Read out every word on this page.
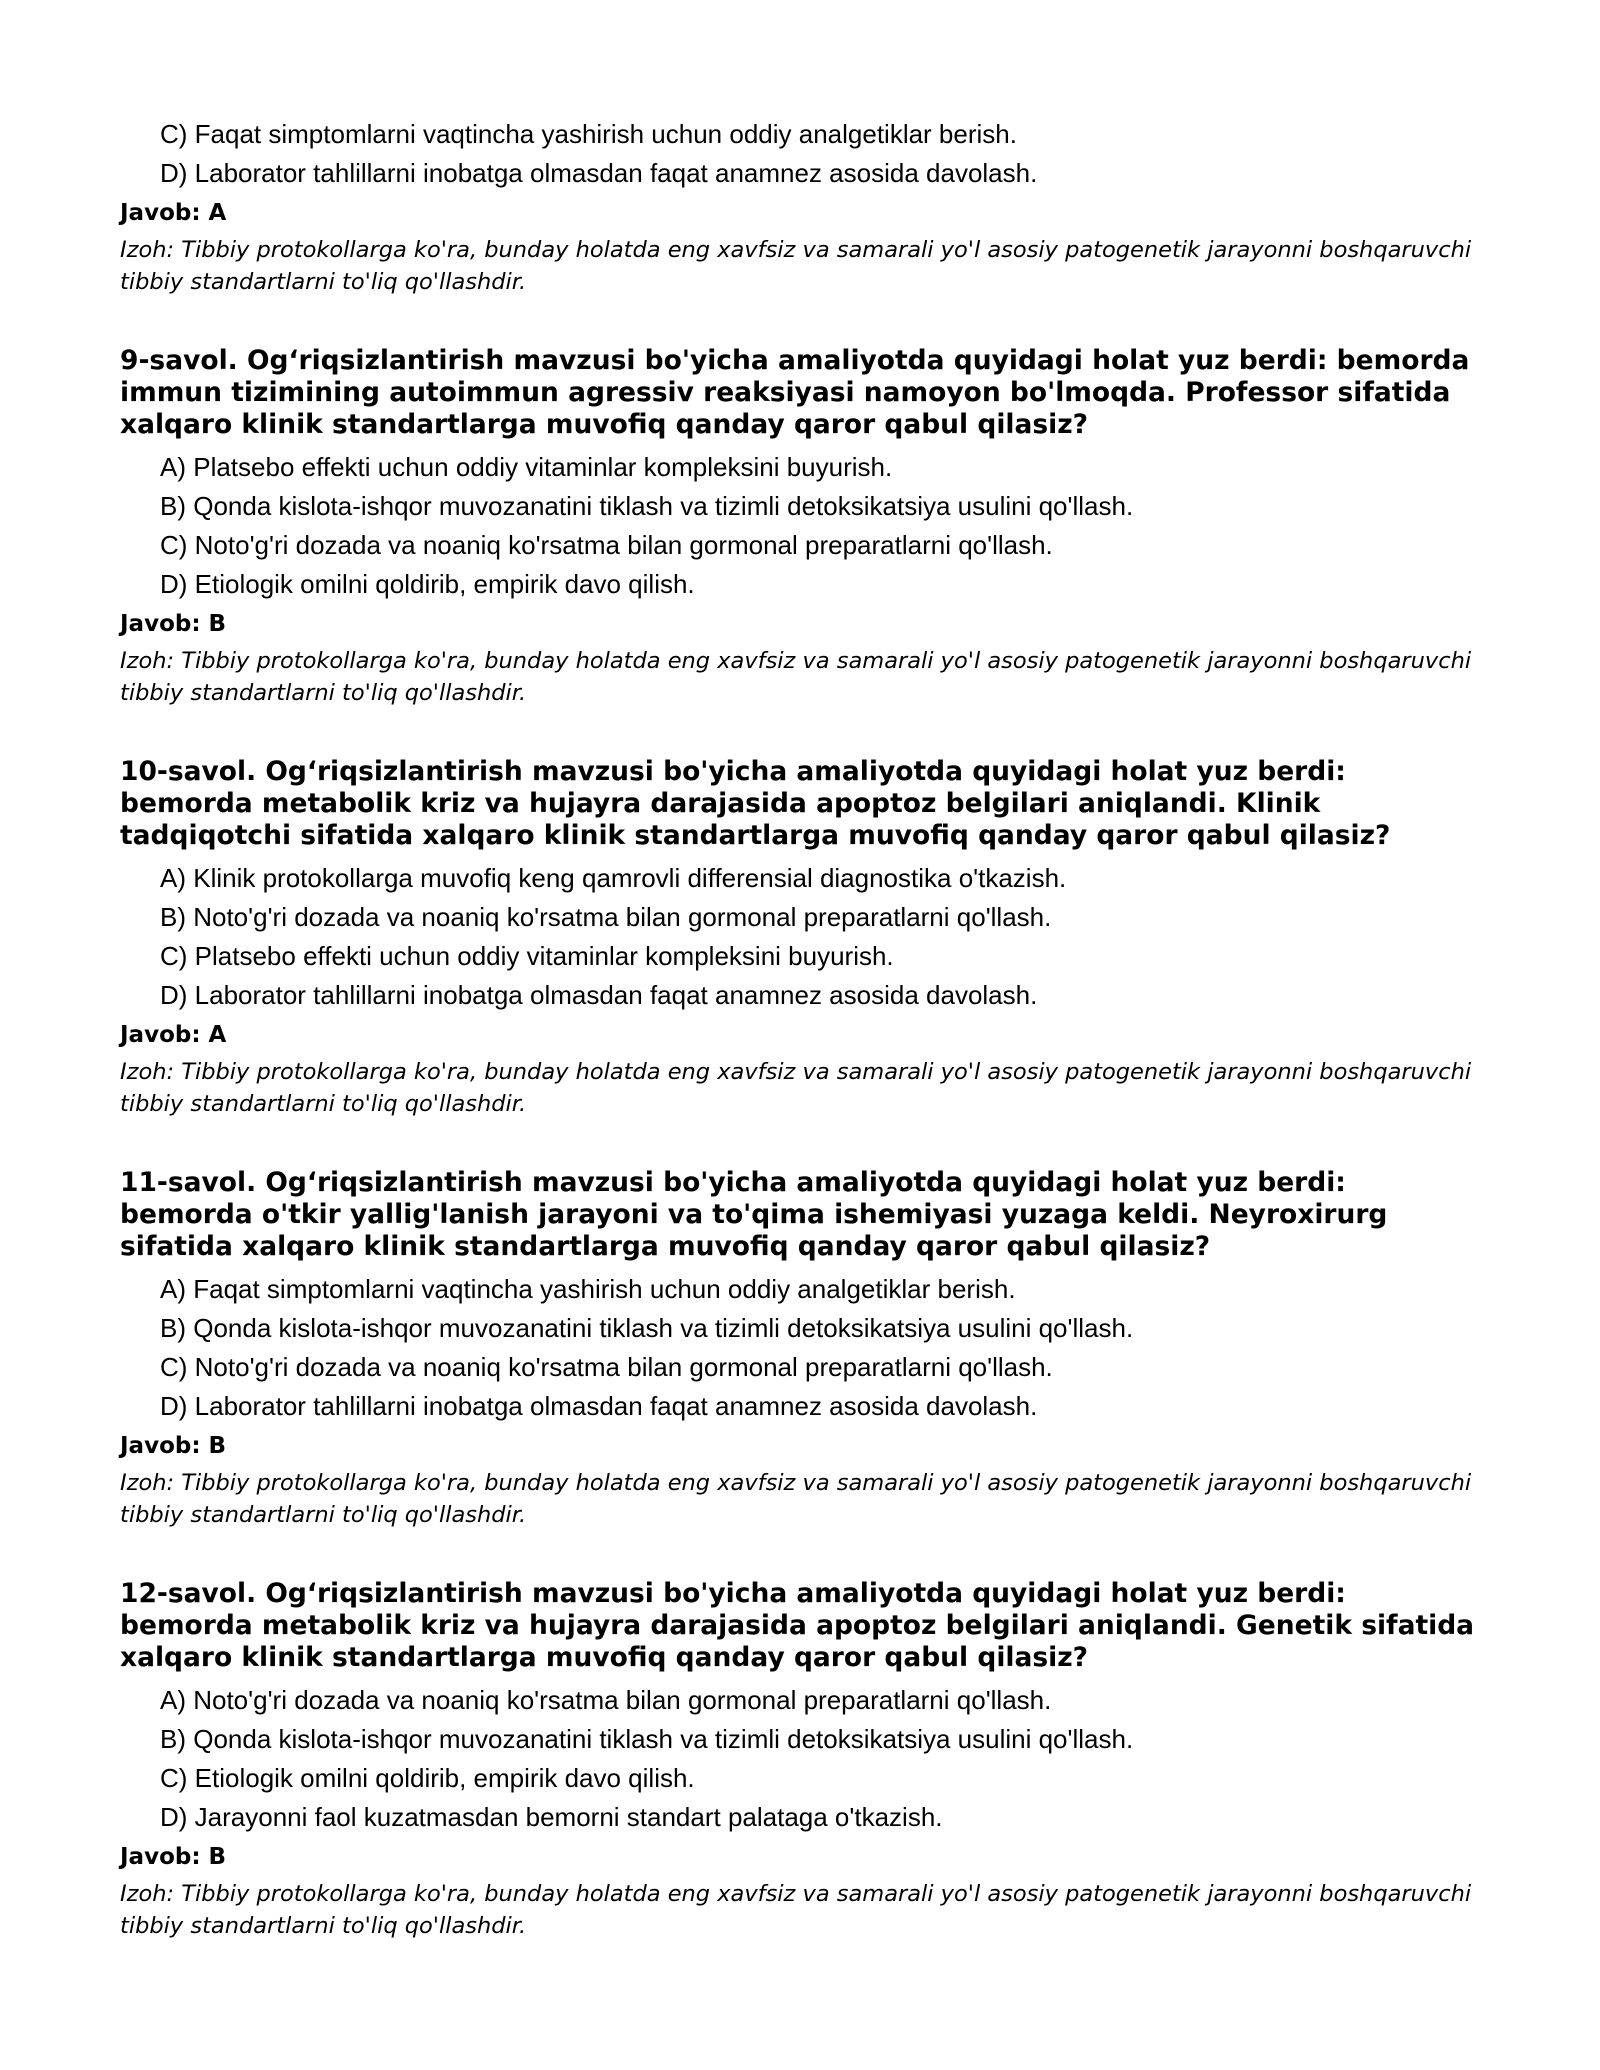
C) Faqat simptomlarni vaqtincha yashirish uchun oddiy analgetiklar berish.
D) Laborator tahlillarni inobatga olmasdan faqat anamnez asosida davolash.
Javob: A
Izoh: Tibbiy protokollarga ko'ra, bunday holatda eng xavfsiz va samarali yo'l asosiy patogenetik jarayonni boshqaruvchi tibbiy standartlarni to'liq qo'llashdir.
9-savol. Og‘riqsizlantirish mavzusi bo'yicha amaliyotda quyidagi holat yuz berdi: bemorda immun tizimining autoimmun agressiv reaksiyasi namoyon bo'lmoqda. Professor sifatida xalqaro klinik standartlarga muvofiq qanday qaror qabul qilasiz?
A) Platsebo effekti uchun oddiy vitaminlar kompleksini buyurish.
B) Qonda kislota-ishqor muvozanatini tiklash va tizimli detoksikatsiya usulini qo'llash.
C) Noto'g'ri dozada va noaniq ko'rsatma bilan gormonal preparatlarni qo'llash.
D) Etiologik omilni qoldirib, empirik davo qilish.
Javob: B
Izoh: Tibbiy protokollarga ko'ra, bunday holatda eng xavfsiz va samarali yo'l asosiy patogenetik jarayonni boshqaruvchi tibbiy standartlarni to'liq qo'llashdir.
10-savol. Og‘riqsizlantirish mavzusi bo'yicha amaliyotda quyidagi holat yuz berdi: bemorda metabolik kriz va hujayra darajasida apoptoz belgilari aniqlandi. Klinik tadqiqotchi sifatida xalqaro klinik standartlarga muvofiq qanday qaror qabul qilasiz?
A) Klinik protokollarga muvofiq keng qamrovli differensial diagnostika o'tkazish.
B) Noto'g'ri dozada va noaniq ko'rsatma bilan gormonal preparatlarni qo'llash.
C) Platsebo effekti uchun oddiy vitaminlar kompleksini buyurish.
D) Laborator tahlillarni inobatga olmasdan faqat anamnez asosida davolash.
Javob: A
Izoh: Tibbiy protokollarga ko'ra, bunday holatda eng xavfsiz va samarali yo'l asosiy patogenetik jarayonni boshqaruvchi tibbiy standartlarni to'liq qo'llashdir.
11-savol. Og‘riqsizlantirish mavzusi bo'yicha amaliyotda quyidagi holat yuz berdi: bemorda o'tkir yallig'lanish jarayoni va to'qima ishemiyasi yuzaga keldi. Neyroxirurg sifatida xalqaro klinik standartlarga muvofiq qanday qaror qabul qilasiz?
A) Faqat simptomlarni vaqtincha yashirish uchun oddiy analgetiklar berish.
B) Qonda kislota-ishqor muvozanatini tiklash va tizimli detoksikatsiya usulini qo'llash.
C) Noto'g'ri dozada va noaniq ko'rsatma bilan gormonal preparatlarni qo'llash.
D) Laborator tahlillarni inobatga olmasdan faqat anamnez asosida davolash.
Javob: B
Izoh: Tibbiy protokollarga ko'ra, bunday holatda eng xavfsiz va samarali yo'l asosiy patogenetik jarayonni boshqaruvchi tibbiy standartlarni to'liq qo'llashdir.
12-savol. Og‘riqsizlantirish mavzusi bo'yicha amaliyotda quyidagi holat yuz berdi: bemorda metabolik kriz va hujayra darajasida apoptoz belgilari aniqlandi. Genetik sifatida xalqaro klinik standartlarga muvofiq qanday qaror qabul qilasiz?
A) Noto'g'ri dozada va noaniq ko'rsatma bilan gormonal preparatlarni qo'llash.
B) Qonda kislota-ishqor muvozanatini tiklash va tizimli detoksikatsiya usulini qo'llash.
C) Etiologik omilni qoldirib, empirik davo qilish.
D) Jarayonni faol kuzatmasdan bemorni standart palataga o'tkazish.
Javob: B
Izoh: Tibbiy protokollarga ko'ra, bunday holatda eng xavfsiz va samarali yo'l asosiy patogenetik jarayonni boshqaruvchi tibbiy standartlarni to'liq qo'llashdir.
